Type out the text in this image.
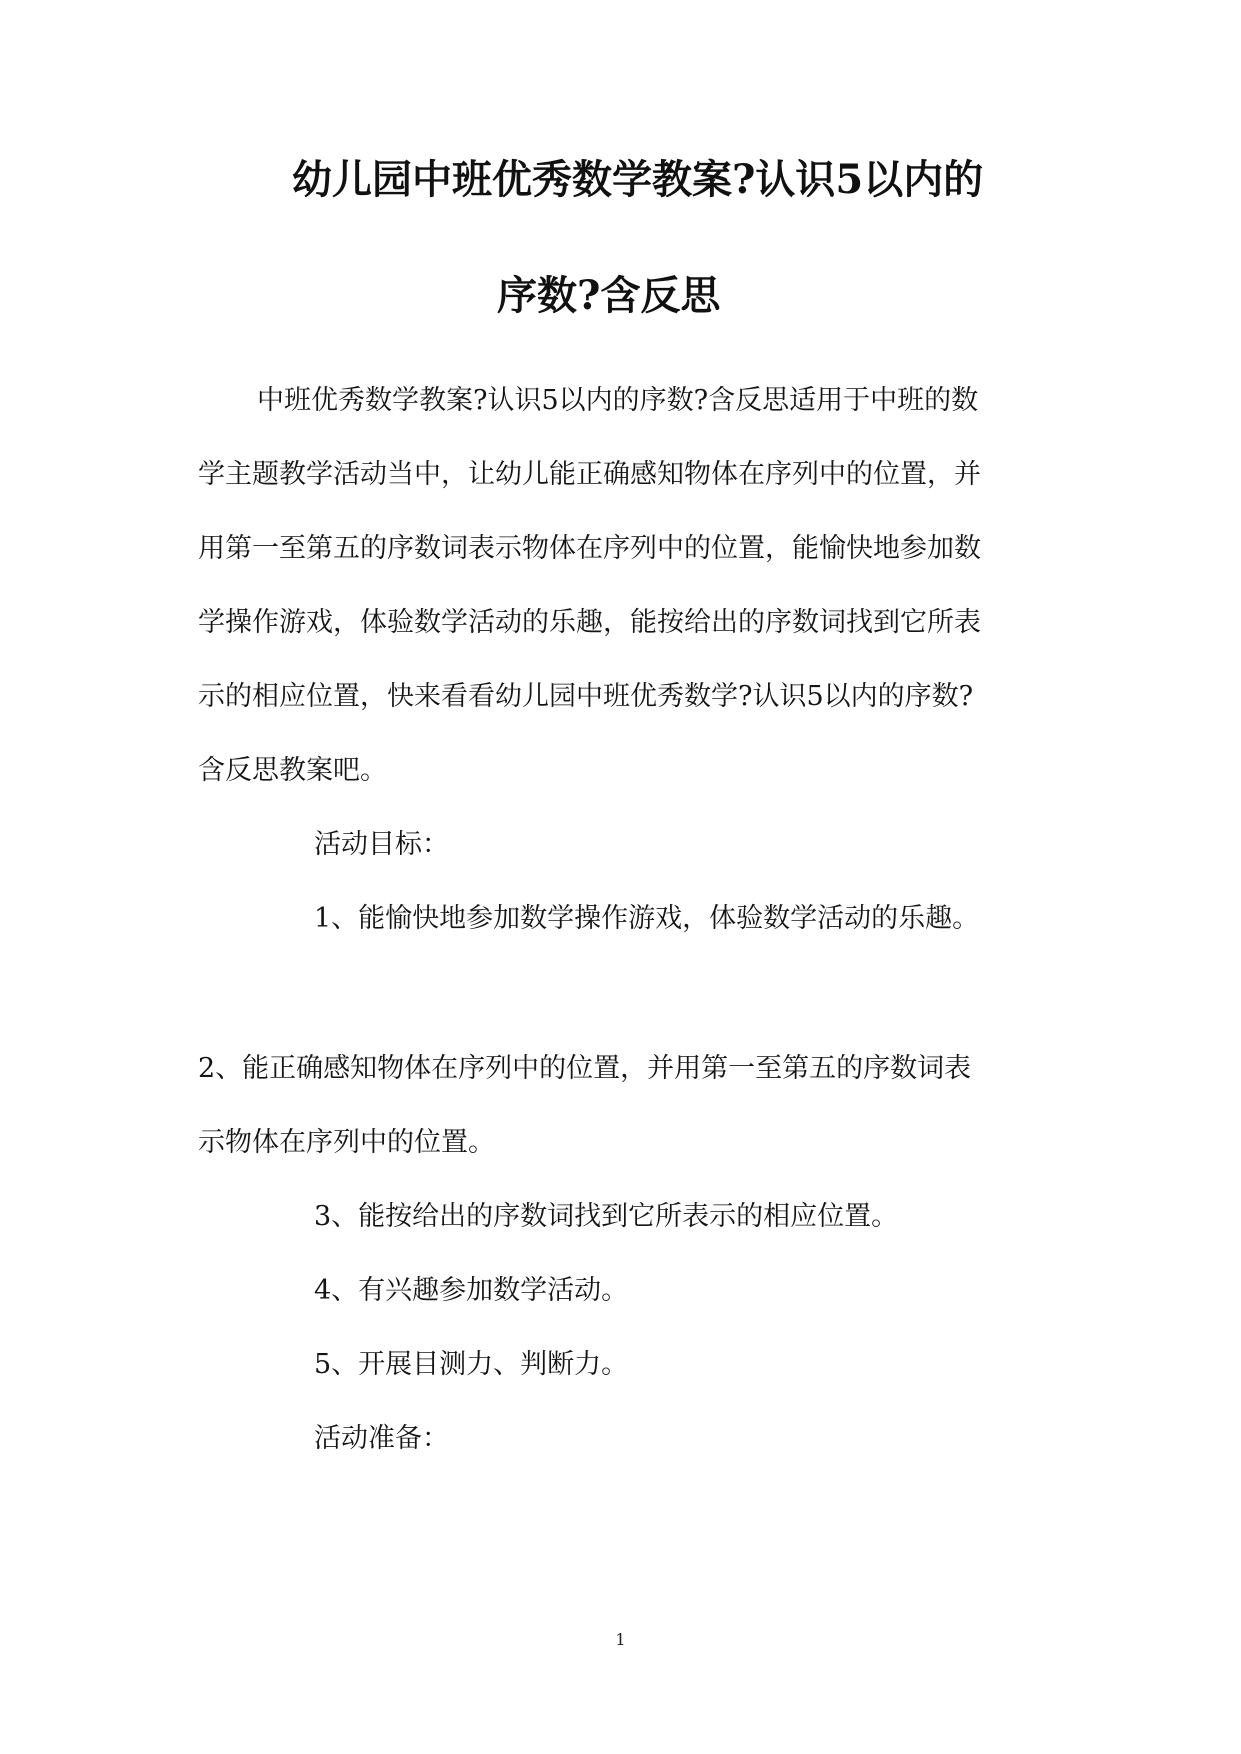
幼儿园中班优秀数学教案?认识5以内的
序数?含反思
中班优秀数学教案?认识5以内的序数?含反思适用于中班的数
学主题教学活动当中，让幼儿能正确感知物体在序列中的位置，并
用第一至第五的序数词表示物体在序列中的位置，能愉快地参加数
学操作游戏，体验数学活动的乐趣，能按给出的序数词找到它所表
示的相应位置，快来看看幼儿园中班优秀数学?认识5以内的序数?
含反思教案吧。
活动目标：
1、能愉快地参加数学操作游戏，体验数学活动的乐趣。
2、能正确感知物体在序列中的位置，并用第一至第五的序数词表
示物体在序列中的位置。
3、能按给出的序数词找到它所表示的相应位置。
4、有兴趣参加数学活动。
5、开展目测力、判断力。
活动准备：
1
